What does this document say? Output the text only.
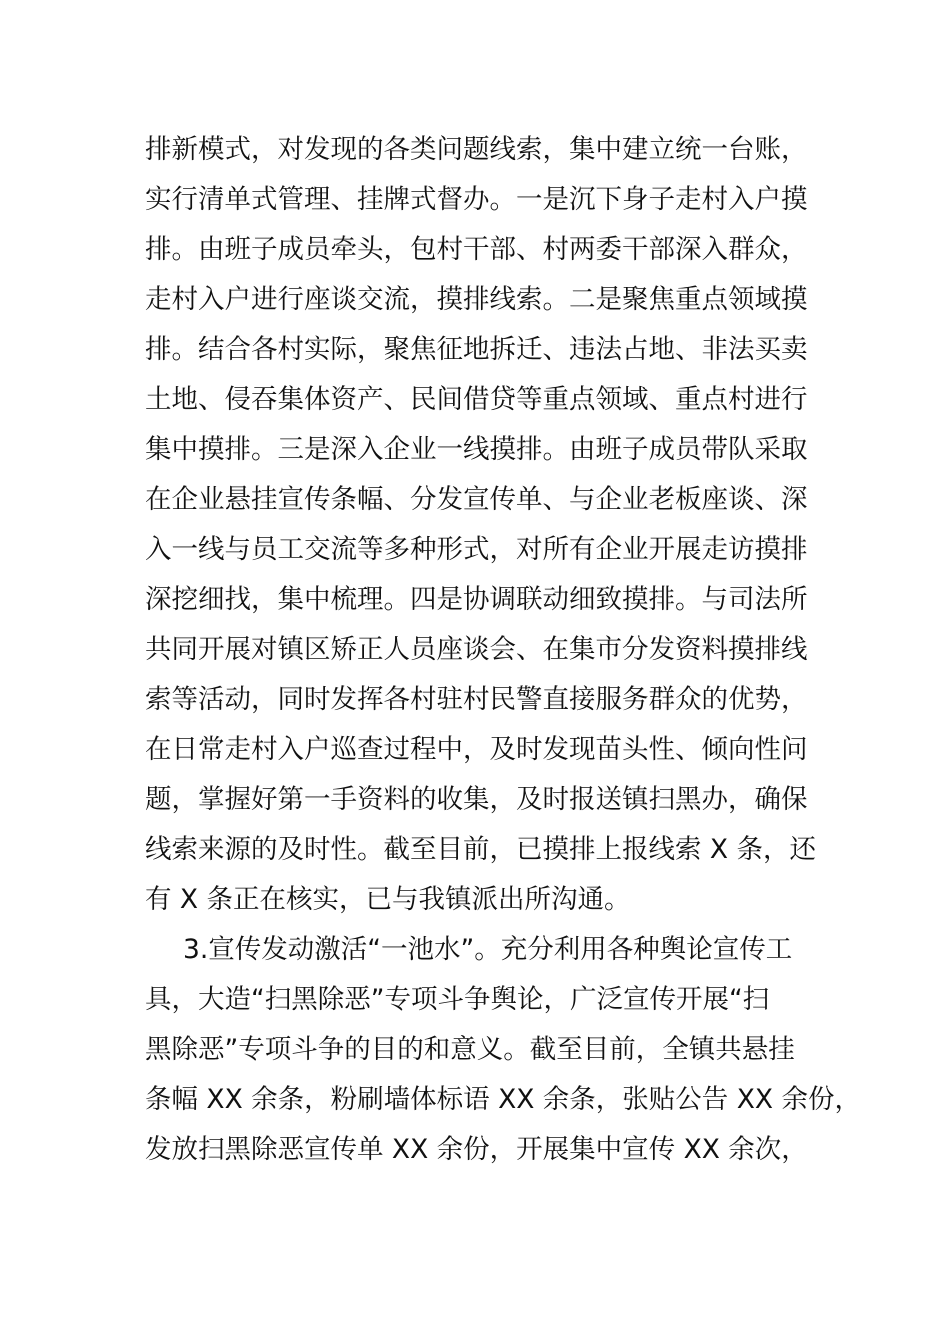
排新模式，对发现的各类问题线索，集中建立统一台账，
实行清单式管理、挂牌式督办。一是沉下身子走村入户摸
排。由班子成员牵头，包村干部、村两委干部深入群众，
走村入户进行座谈交流，摸排线索。二是聚焦重点领域摸
排。结合各村实际，聚焦征地拆迁、违法占地、非法买卖
土地、侵吞集体资产、民间借贷等重点领域、重点村进行
集中摸排。三是深入企业一线摸排。由班子成员带队采取
在企业悬挂宣传条幅、分发宣传单、与企业老板座谈、深
入一线与员工交流等多种形式，对所有企业开展走访摸排
深挖细找，集中梳理。四是协调联动细致摸排。与司法所
共同开展对镇区矫正人员座谈会、在集市分发资料摸排线
索等活动，同时发挥各村驻村民警直接服务群众的优势，
在日常走村入户巡查过程中，及时发现苗头性、倾向性问
题，掌握好第一手资料的收集，及时报送镇扫黑办，确保
线索来源的及时性。截至目前，已摸排上报线索 X 条，还
有 X 条正在核实，已与我镇派出所沟通。
3.宣传发动激活“一池水”。充分利用各种舆论宣传工
具，大造“扫黑除恶”专项斗争舆论，广泛宣传开展“扫
黑除恶”专项斗争的目的和意义。截至目前，全镇共悬挂
条幅 XX 余条，粉刷墙体标语 XX 余条，张贴公告 XX 余份，
发放扫黑除恶宣传单 XX 余份，开展集中宣传 XX 余次，
